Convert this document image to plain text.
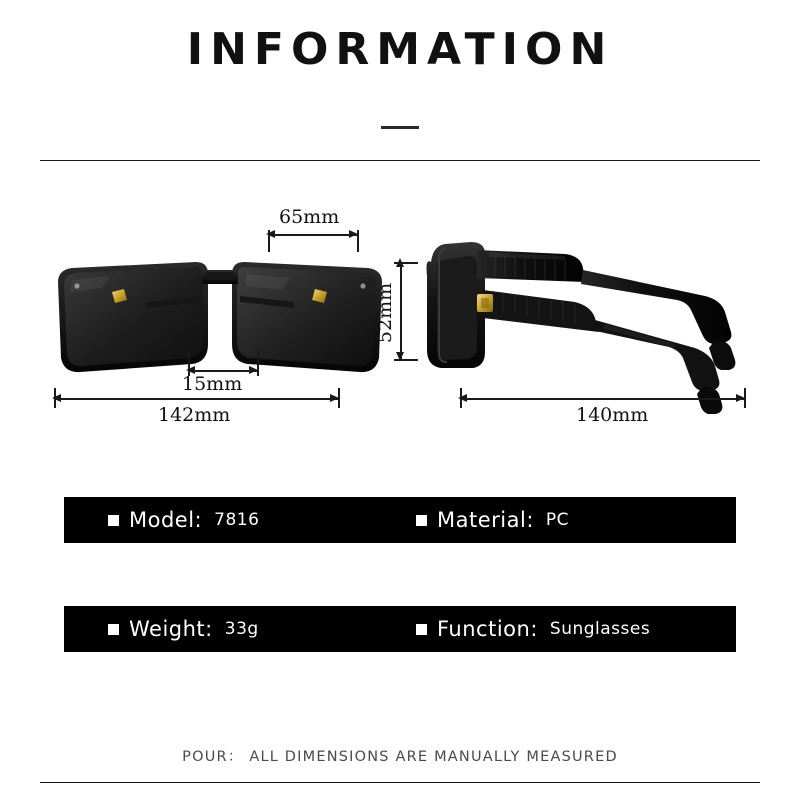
INFORMATION
65mm
15mm
142mm
52mm
140mm
Model: 7816	Material: PC
Weight: 33g	Function: Sunglasses
POUR： ALL DIMENSIONS ARE MANUALLY MEASURED
